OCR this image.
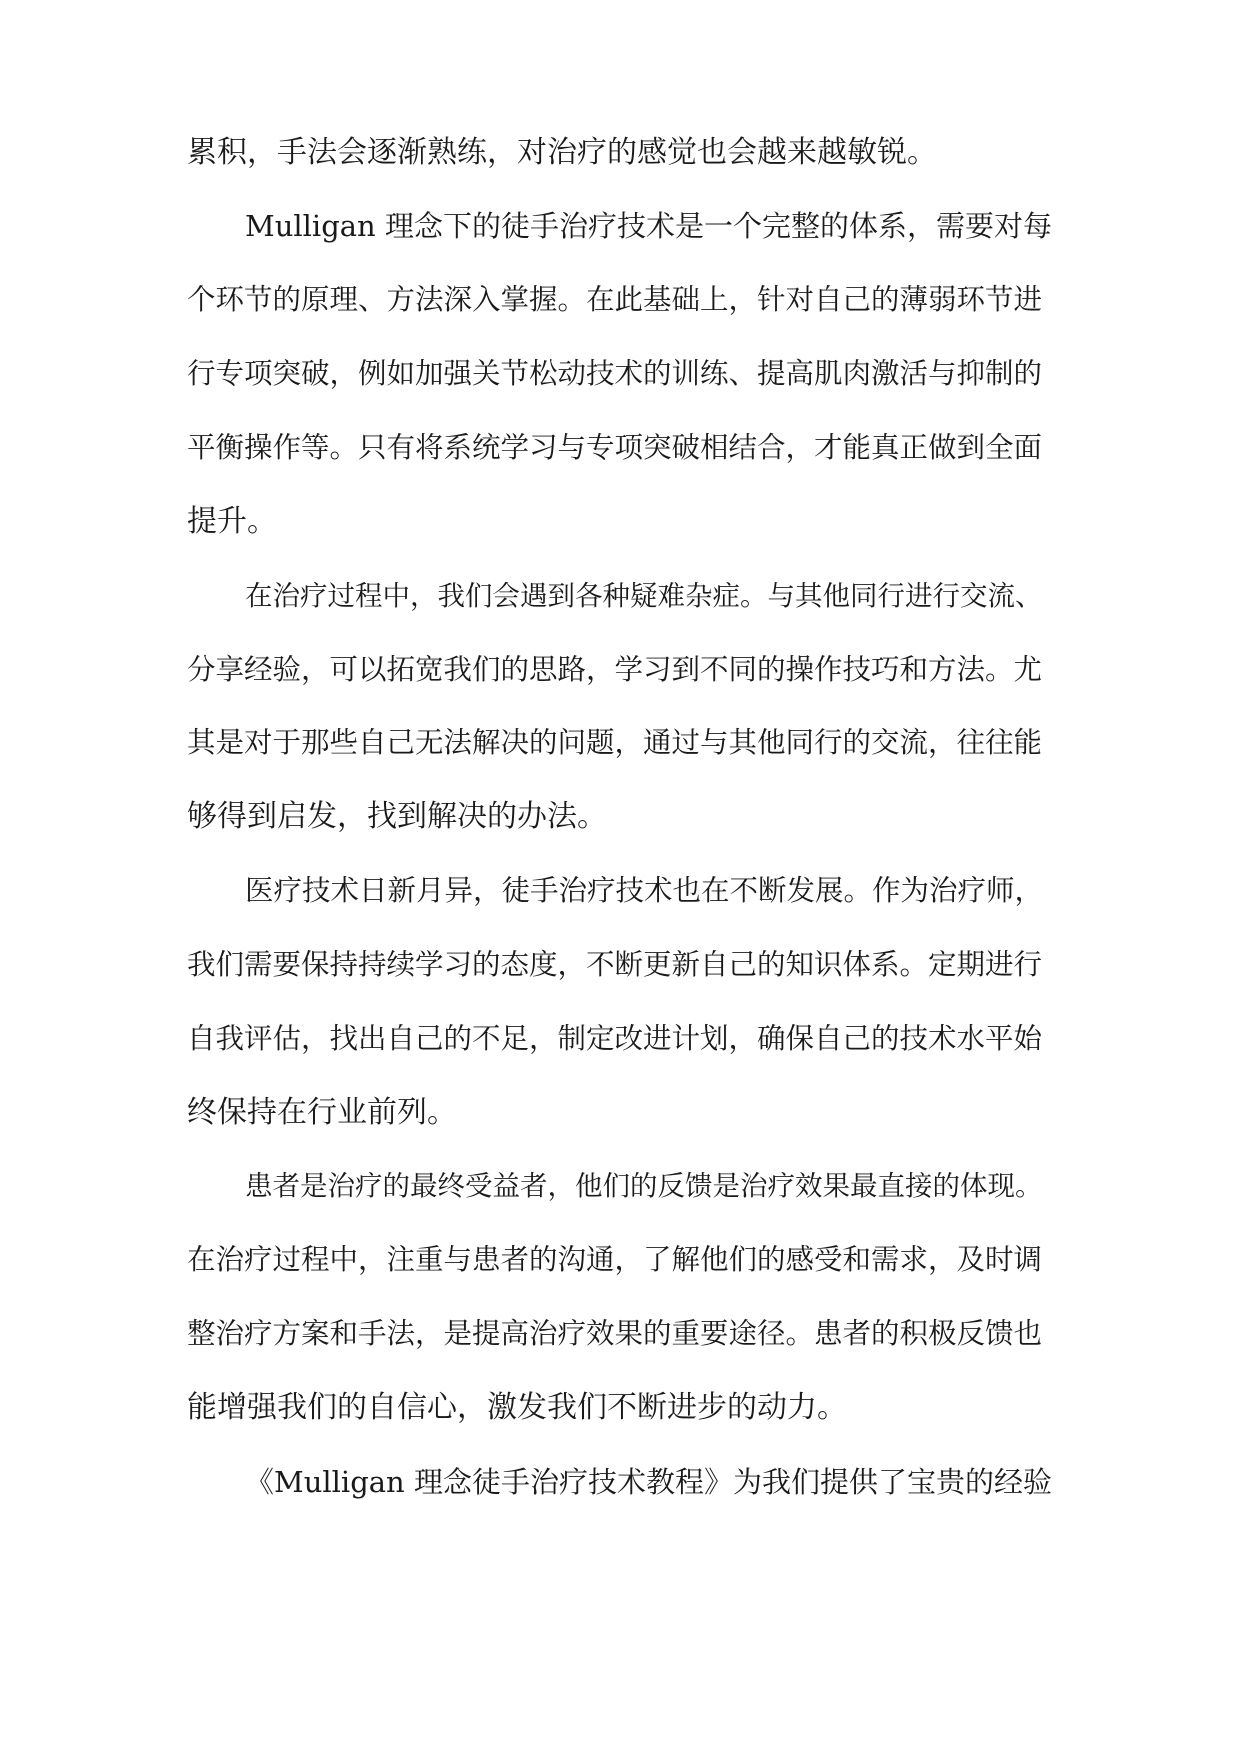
累积，手法会逐渐熟练，对治疗的感觉也会越来越敏锐。
Mulligan 理念下的徒手治疗技术是一个完整的体系，需要对每
个环节的原理、方法深入掌握。在此基础上，针对自己的薄弱环节进
行专项突破，例如加强关节松动技术的训练、提高肌肉激活与抑制的
平衡操作等。只有将系统学习与专项突破相结合，才能真正做到全面
提升。
在治疗过程中，我们会遇到各种疑难杂症。与其他同行进行交流、
分享经验，可以拓宽我们的思路，学习到不同的操作技巧和方法。尤
其是对于那些自己无法解决的问题，通过与其他同行的交流，往往能
够得到启发，找到解决的办法。
医疗技术日新月异，徒手治疗技术也在不断发展。作为治疗师，
我们需要保持持续学习的态度，不断更新自己的知识体系。定期进行
自我评估，找出自己的不足，制定改进计划，确保自己的技术水平始
终保持在行业前列。
患者是治疗的最终受益者，他们的反馈是治疗效果最直接的体现。
在治疗过程中，注重与患者的沟通，了解他们的感受和需求，及时调
整治疗方案和手法，是提高治疗效果的重要途径。患者的积极反馈也
能增强我们的自信心，激发我们不断进步的动力。
《Mulligan 理念徒手治疗技术教程》为我们提供了宝贵的经验
